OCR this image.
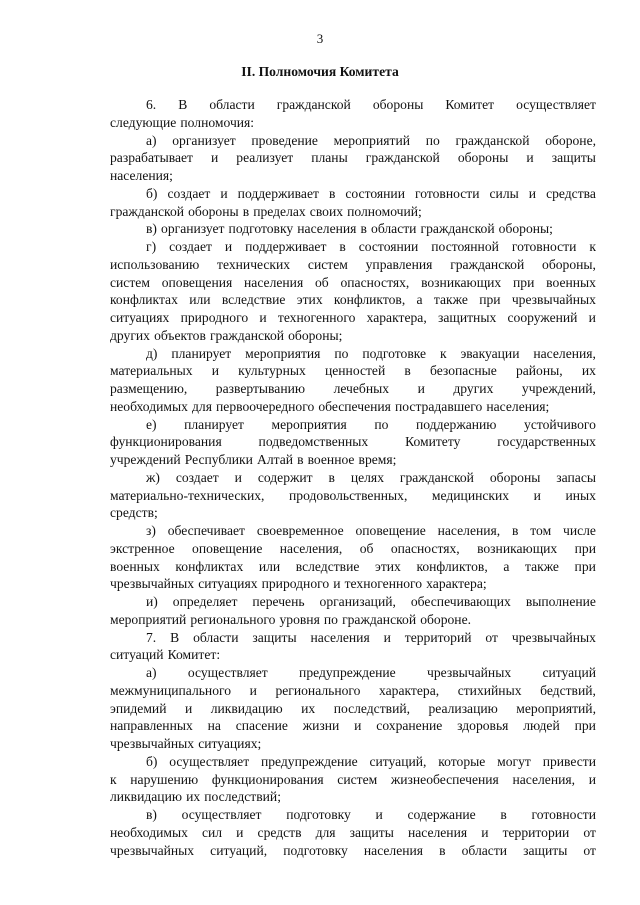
3
II. Полномочия Комитета
6. В области гражданской обороны Комитет осуществляет
следующие полномочия:
а) организует проведение мероприятий по гражданской обороне,
разрабатывает и реализует планы гражданской обороны и защиты
населения;
б) создает и поддерживает в состоянии готовности силы и средства
гражданской обороны в пределах своих полномочий;
в) организует подготовку населения в области гражданской обороны;
г) создает и поддерживает в состоянии постоянной готовности к
использованию технических систем управления гражданской обороны,
систем оповещения населения об опасностях, возникающих при военных
конфликтах или вследствие этих конфликтов, а также при чрезвычайных
ситуациях природного и техногенного характера, защитных сооружений и
других объектов гражданской обороны;
д) планирует мероприятия по подготовке к эвакуации населения,
материальных и культурных ценностей в безопасные районы, их
размещению, развертыванию лечебных и других учреждений,
необходимых для первоочередного обеспечения пострадавшего населения;
е) планирует мероприятия по поддержанию устойчивого
функционирования	подведомственных	Комитету	государственных
учреждений Республики Алтай в военное время;
ж) создает и содержит в целях гражданской обороны запасы
материально-технических, продовольственных, медицинских и иных
средств;
з) обеспечивает своевременное оповещение населения, в том числе
экстренное оповещение населения, об опасностях, возникающих при
военных конфликтах или вследствие этих конфликтов, а также при
чрезвычайных ситуациях природного и техногенного характера;
и) определяет перечень организаций, обеспечивающих выполнение
мероприятий регионального уровня по гражданской обороне.
7. В области защиты населения и территорий от чрезвычайных
ситуаций Комитет:
а) осуществляет предупреждение чрезвычайных ситуаций
межмуниципального и регионального характера, стихийных бедствий,
эпидемий и ликвидацию их последствий, реализацию мероприятий,
направленных на спасение жизни и сохранение здоровья людей при
чрезвычайных ситуациях;
б) осуществляет предупреждение ситуаций, которые могут привести
к нарушению функционирования систем жизнеобеспечения населения, и
ликвидацию их последствий;
в) осуществляет подготовку и содержание в готовности
необходимых сил и средств для защиты населения и территории от
чрезвычайных ситуаций, подготовку населения в области защиты от
